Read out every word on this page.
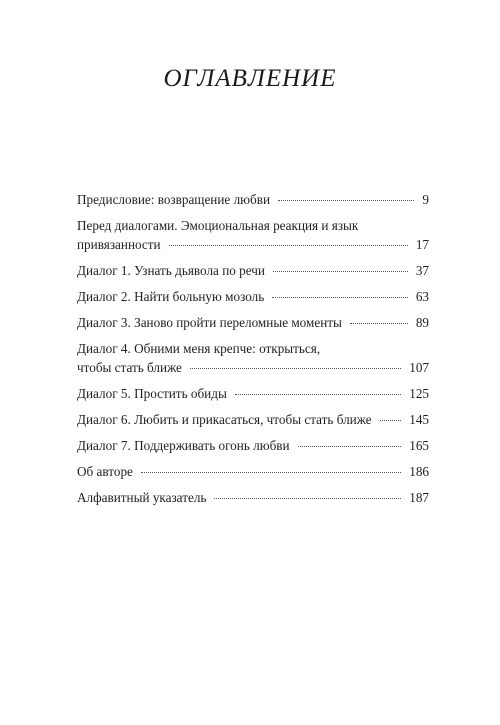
ОГЛАВЛЕНИЕ
Предисловие: возвращение любви	9
Перед диалогами. Эмоциональная реакция и язык
привязанности	17
Диалог 1. Узнать дьявола по речи	37
Диалог 2. Найти больную мозоль	63
Диалог 3. Заново пройти переломные моменты	89
Диалог 4. Обними меня крепче: открыться,
чтобы стать ближе	107
Диалог 5. Простить обиды	125
Диалог 6. Любить и прикасаться, чтобы стать ближе	145
Диалог 7. Поддерживать огонь любви	165
Об авторе	186
Алфавитный указатель	187
